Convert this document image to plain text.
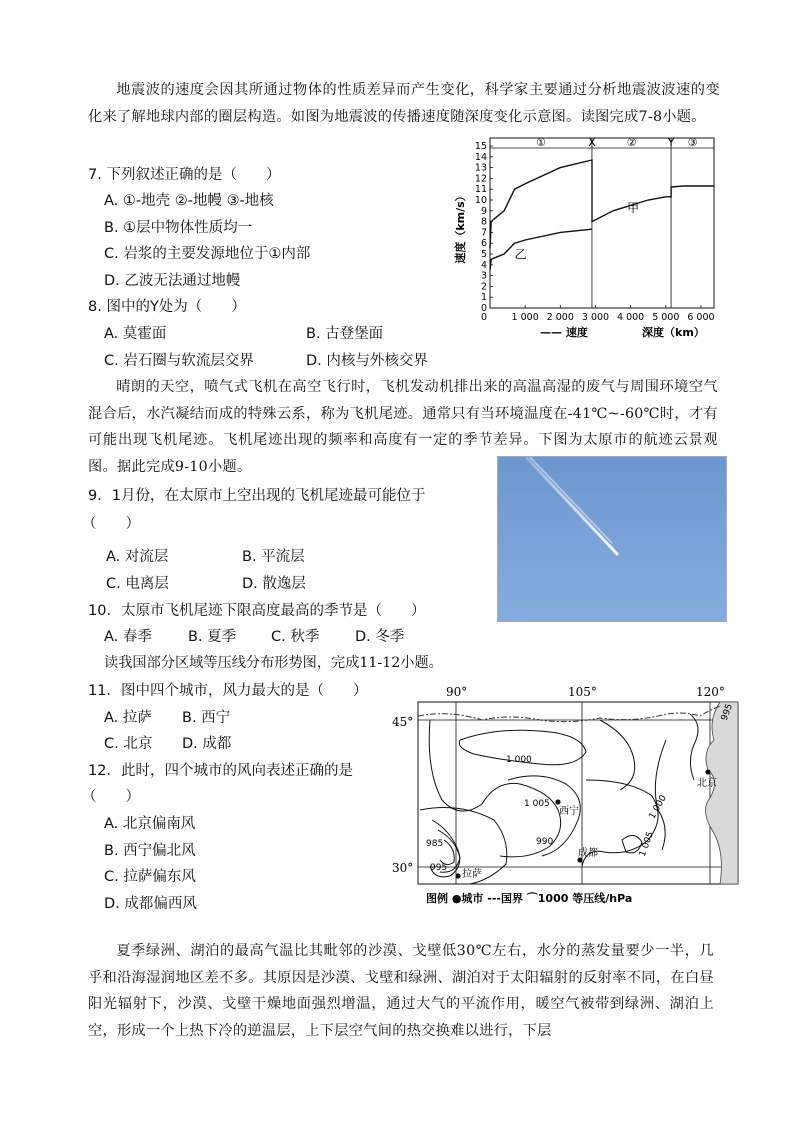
地震波的速度会因其所通过物体的性质差异而产生变化，科学家主要通过分析地震波波速的变化来了解地球内部的圈层构造。如图为地震波的传播速度随深度变化示意图。读图完成7-8小题。
7. 下列叙述正确的是（　　）
A. ①-地壳 ②-地幔 ③-地核
B. ①层中物体性质均一
C. 岩浆的主要发源地位于①内部
D. 乙波无法通过地幔
8. 图中的Y处为（　　）
A. 莫霍面	B. 古登堡面
C. 岩石圈与软流层交界	D. 内核与外核交界
①	X	②	Y ③
0
1
2
3
4
5
6
7
8
9
10
11
12
13
14
15
1 000 2 000 3 000 4 000 5 000 6 000
0
速度（km/s）
—— 速度	深度（km）
甲
乙
晴朗的天空，喷气式飞机在高空飞行时，飞机发动机排出来的高温高湿的废气与周围环境空气混合后，水汽凝结而成的特殊云系，称为飞机尾迹。通常只有当环境温度在-41℃~-60℃时，才有可能出现飞机尾迹。飞机尾迹出现的频率和高度有一定的季节差异。下图为太原市的航迹云景观图。据此完成9-10小题。
9．1月份，在太原市上空出现的飞机尾迹最可能位于
（　　）
A. 对流层	B. 平流层
C. 电离层	D. 散逸层
10．太原市飞机尾迹下限高度最高的季节是（　　）
A. 春季 B. 夏季 C. 秋季 D. 冬季
读我国部分区域等压线分布形势图，完成11-12小题。
11．图中四个城市，风力最大的是（　　）
A. 拉萨 B. 西宁
C. 北京 D. 成都
12．此时，四个城市的风向表述正确的是
（　　）
A. 北京偏南风
B. 西宁偏北风
C. 拉萨偏东风
D. 成都偏西风
90°	105°	120°
45°
30°
1 000
1 005
990
1 000
1 005
995
995
985
北京
西宁
拉萨
成都
图例 ●城市 ---国界 ⌒1000 等压线/hPa
夏季绿洲、湖泊的最高气温比其毗邻的沙漠、戈壁低30℃左右，水分的蒸发量要少一半，几乎和沿海湿润地区差不多。其原因是沙漠、戈壁和绿洲、湖泊对于太阳辐射的反射率不同，在白昼阳光辐射下，沙漠、戈壁干燥地面强烈增温，通过大气的平流作用，暖空气被带到绿洲、湖泊上空，形成一个上热下冷的逆温层，上下层空气间的热交换难以进行，下层
